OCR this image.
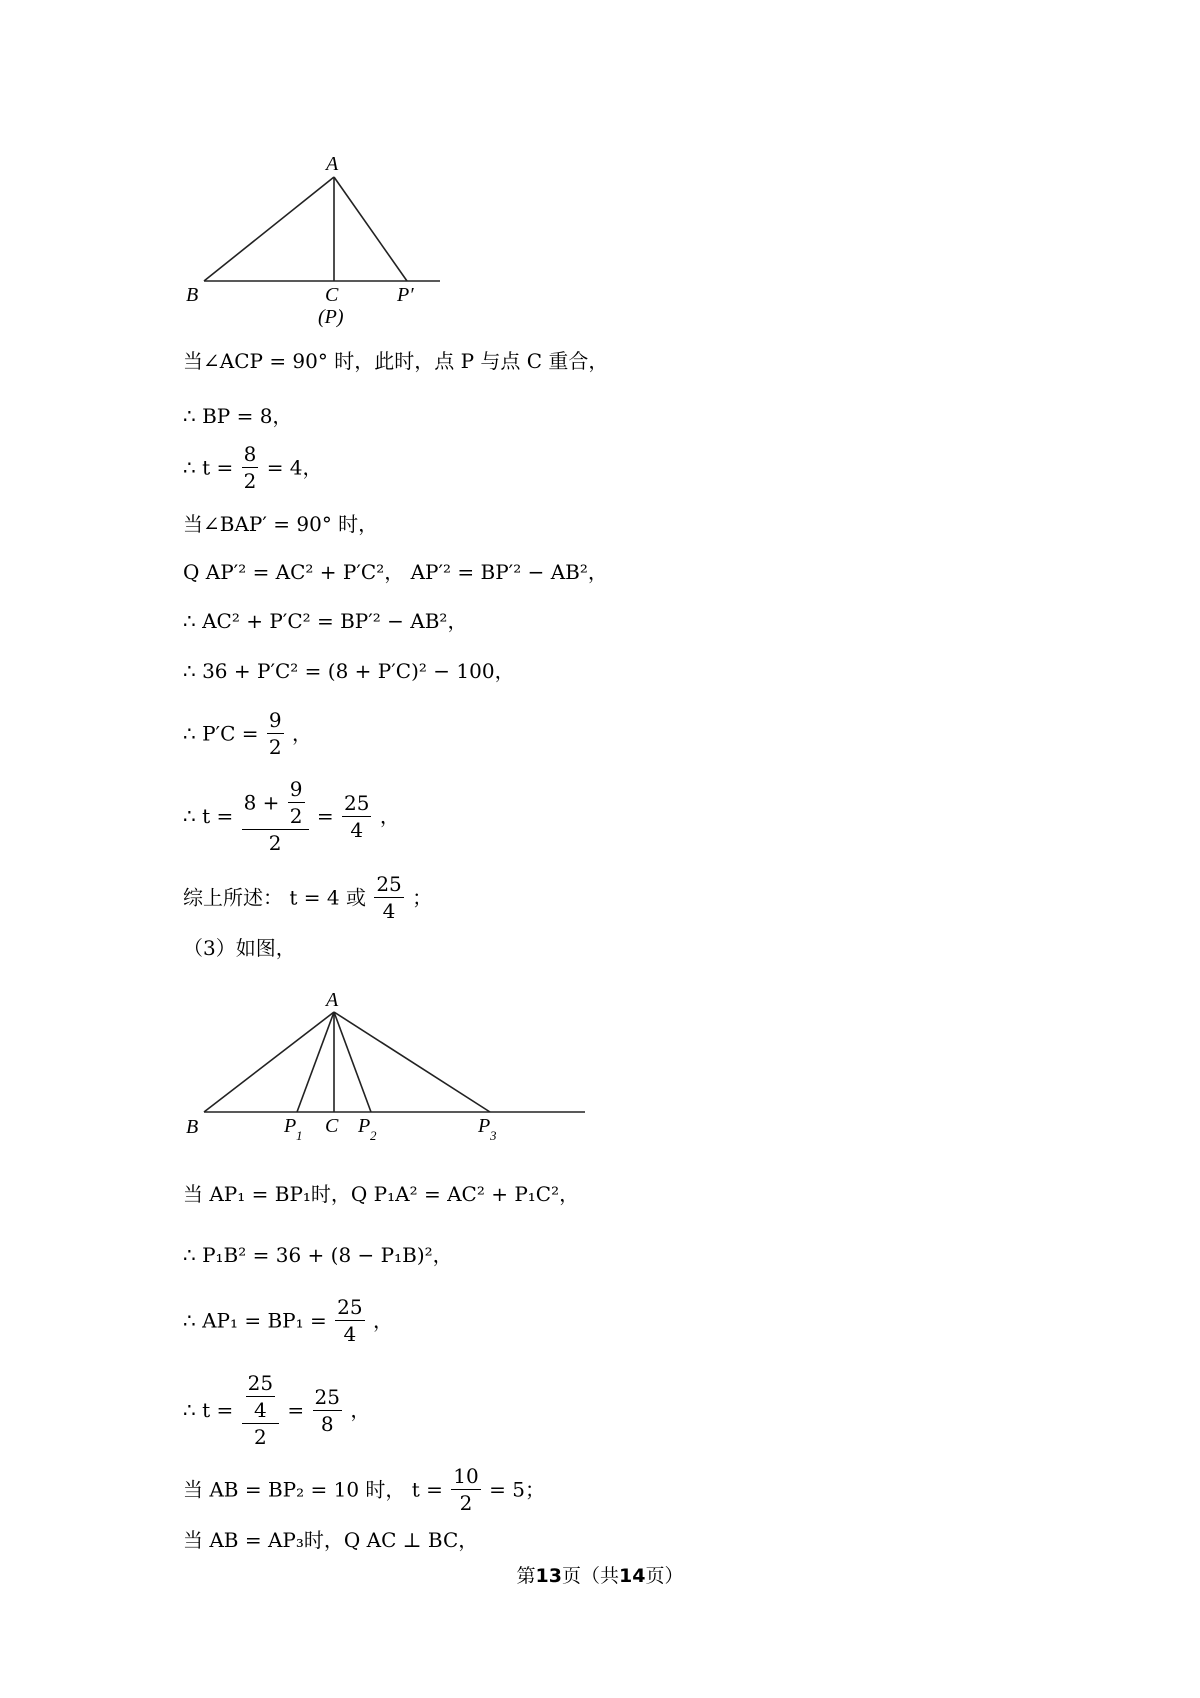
A
B	C	P′
(P)
当∠ACP = 90° 时，此时，点 P 与点 C 重合，
∴ BP = 8，
∴ $t = \frac{8}{2} = 4$，
当∠BAP′ = 90° 时，
Q AP′² = AC² + P′C²， AP′² = BP′² − AB²，
∴ AC² + P′C² = BP′² − AB²，
∴ 36 + P′C² = (8 + P′C)² − 100，
∴ $P'C = \frac{9}{2}$ ，
∴ $t = \frac{8 + \frac{9}{2}}{2} = \frac{25}{4}$ ，
综上所述： t = 4 或 $\frac{25}{4}$ ；
（3）如图，
A
B	P 1 C P 2	P 3
当 AP₁ = BP₁时，Q P₁A² = AC² + P₁C²，
∴ P₁B² = 36 + (8 − P₁B)²，
∴ $AP_1 = BP_1 = \frac{25}{4}$ ，
∴ $t = \frac{\frac{25}{4}}{2} = \frac{25}{8}$ ，
当 AB = BP₂ = 10 时， $t = \frac{10}{2} = 5$；
当 AB = AP₃时，Q AC ⊥ BC，
第13页（共14页）
